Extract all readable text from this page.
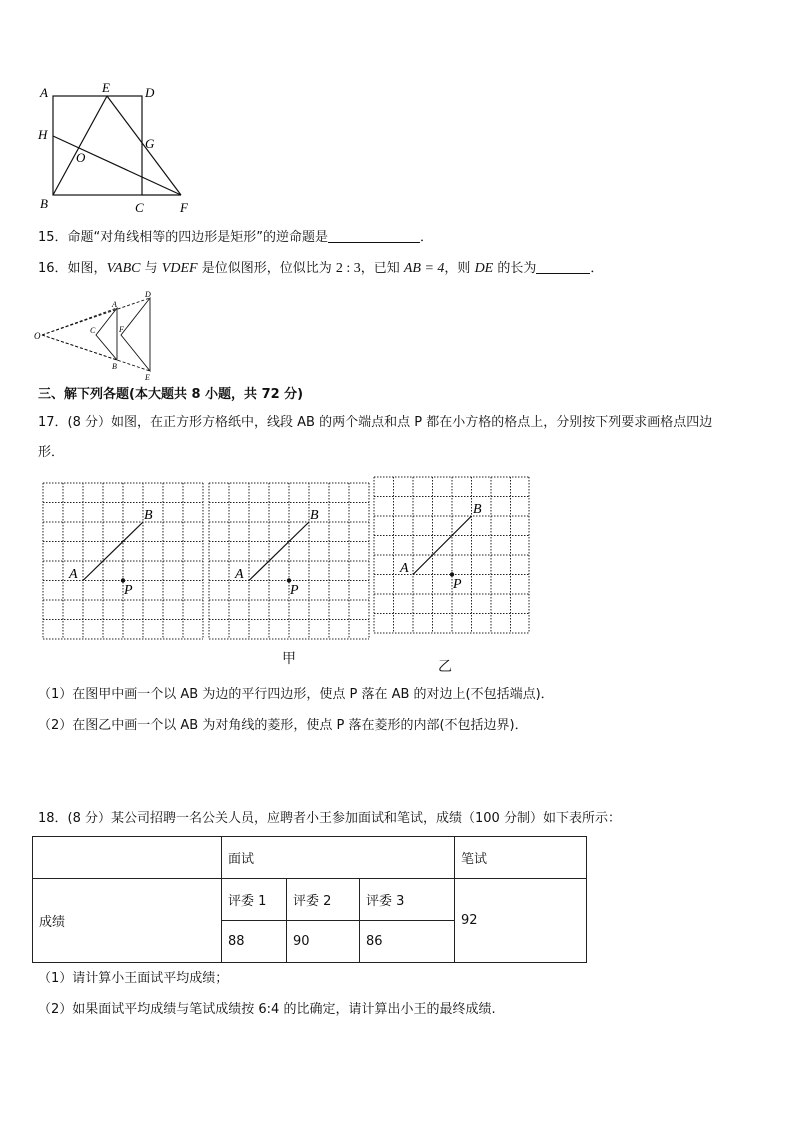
A	E	D
H
G
O
B	C	F
15．命题“对角线相等的四边形是矩形”的逆命题是	．
16．如图，VABC 与 VDEF 是位似图形，位似比为 2 : 3，已知 AB = 4，则 DE 的长为	．
O
A
B
C
D
E
F
三、解下列各题(本大题共 8 小题，共 72 分)
17．(8 分）如图，在正方形方格纸中，线段 AB 的两个端点和点 P 都在小方格的格点上，分别按下列要求画格点四边
形．
A
B
P
A
B
P
A
B
P
甲	乙
（1）在图甲中画一个以 AB 为边的平行四边形，使点 P 落在 AB 的对边上(不包括端点)．
（2）在图乙中画一个以 AB 为对角线的菱形，使点 P 落在菱形的内部(不包括边界)．
18．(8 分）某公司招聘一名公关人员，应聘者小王参加面试和笔试，成绩（100 分制）如下表所示：
	面试			笔试
成绩	评委 1	评委 2	评委 3	92
	88	90	86	
（1）请计算小王面试平均成绩；
（2）如果面试平均成绩与笔试成绩按 6:4 的比确定，请计算出小王的最终成绩.
